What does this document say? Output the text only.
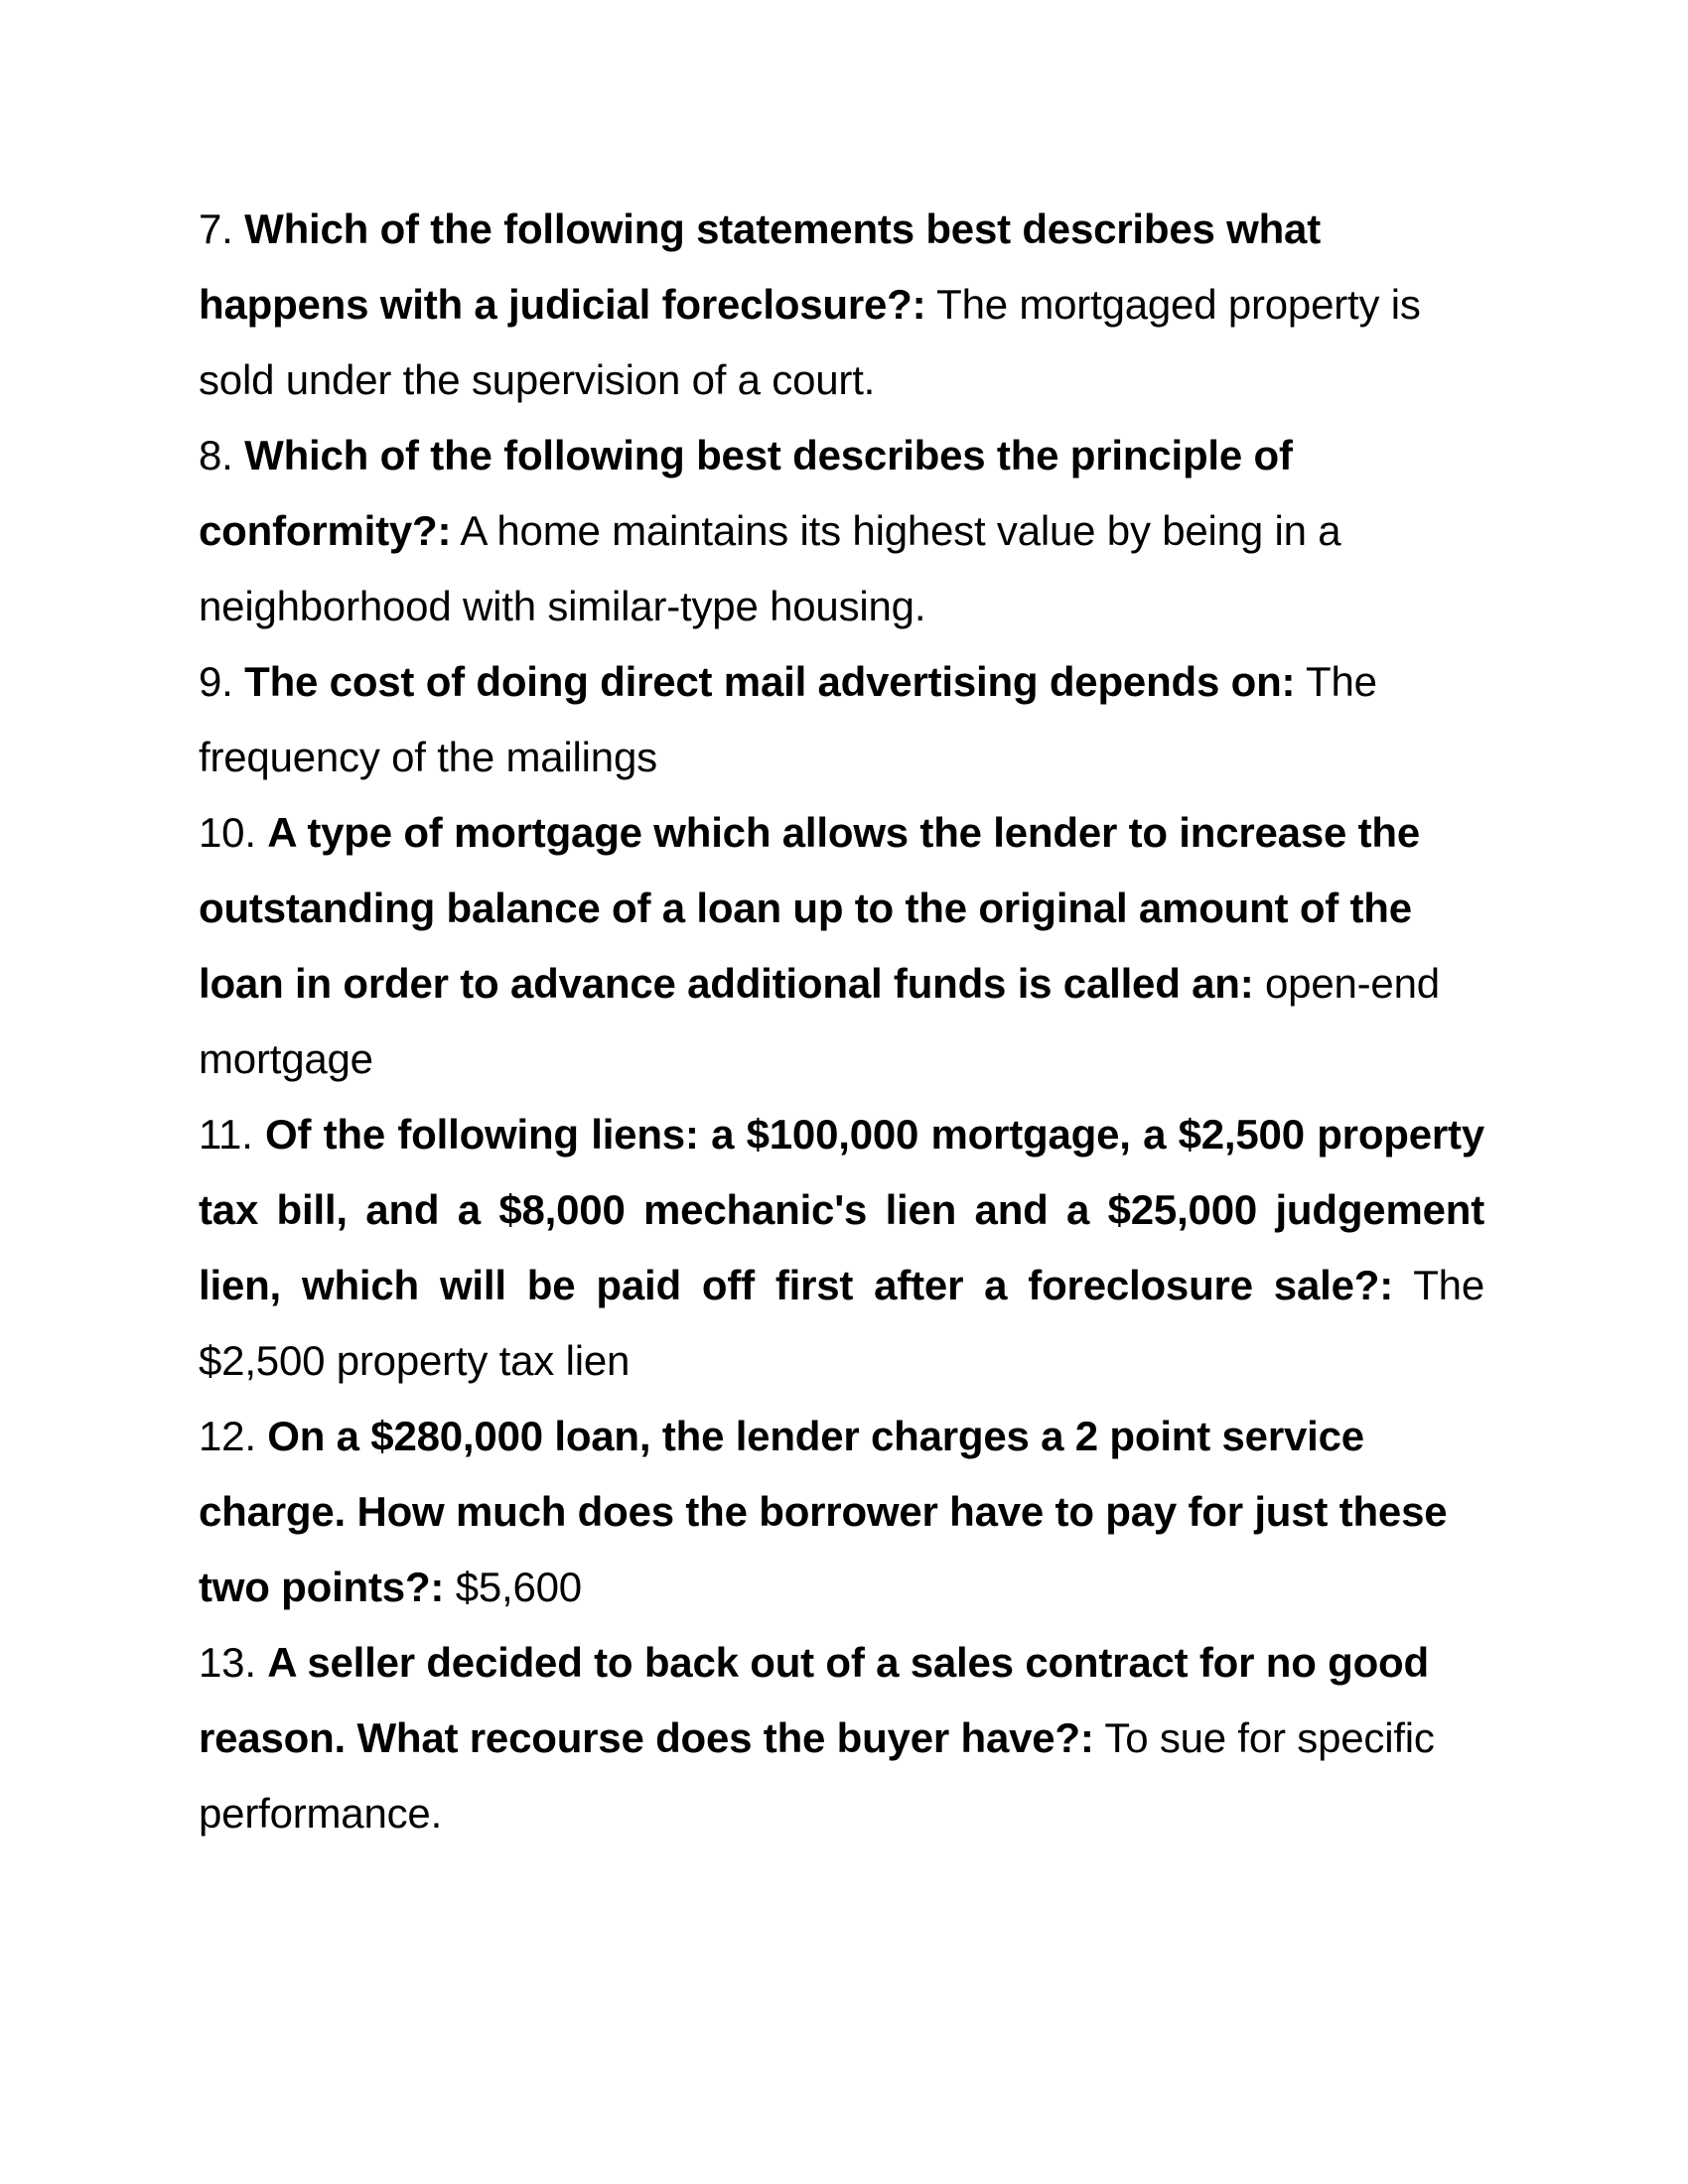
7. Which of the following statements best describes what happens with a judicial foreclosure?: The mortgaged property is sold under the supervision of a court.

8. Which of the following best describes the principle of conformity?: A home maintains its highest value by being in a neighborhood with similar-type housing.

9. The cost of doing direct mail advertising depends on: The frequency of the mailings

10. A type of mortgage which allows the lender to increase the outstanding balance of a loan up to the original amount of the loan in order to advance additional funds is called an: open-end mortgage

11. Of the following liens: a $100,000 mortgage, a $2,500 property tax bill, and a $8,000 mechanic's lien and a $25,000 judgement lien, which will be paid off first after a foreclosure sale?: The $2,500 property tax lien

12. On a $280,000 loan, the lender charges a 2 point service charge. How much does the borrower have to pay for just these two points?: $5,600

13. A seller decided to back out of a sales contract for no good reason. What recourse does the buyer have?: To sue for specific performance.
